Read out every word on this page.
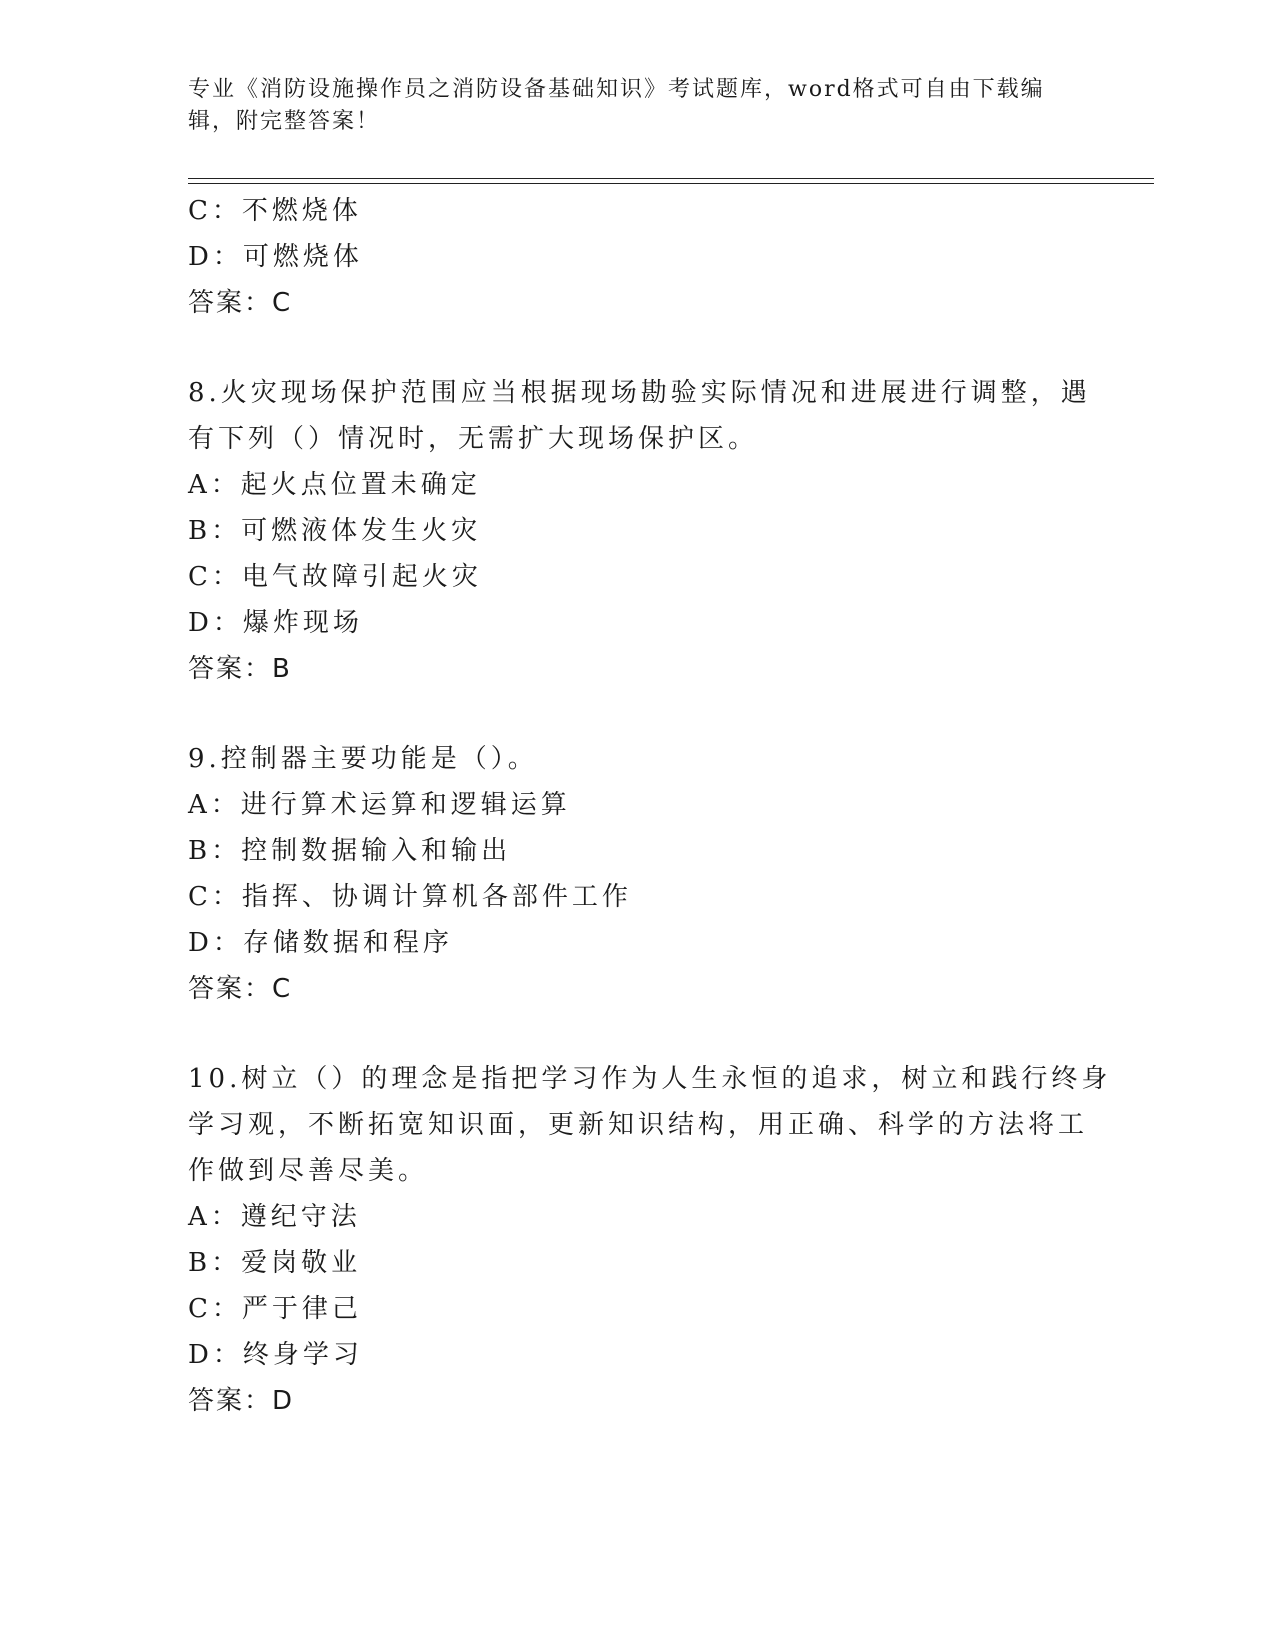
专业《消防设施操作员之消防设备基础知识》考试题库，word格式可自由下载编
辑，附完整答案！
C：不燃烧体
D：可燃烧体
答案：C
8.火灾现场保护范围应当根据现场勘验实际情况和进展进行调整，遇
有下列（）情况时，无需扩大现场保护区。
A：起火点位置未确定
B：可燃液体发生火灾
C：电气故障引起火灾
D：爆炸现场
答案：B
9.控制器主要功能是（）。
A：进行算术运算和逻辑运算
B：控制数据输入和输出
C：指挥、协调计算机各部件工作
D：存储数据和程序
答案：C
10.树立（）的理念是指把学习作为人生永恒的追求，树立和践行终身
学习观，不断拓宽知识面，更新知识结构，用正确、科学的方法将工
作做到尽善尽美。
A：遵纪守法
B：爱岗敬业
C：严于律己
D：终身学习
答案：D
